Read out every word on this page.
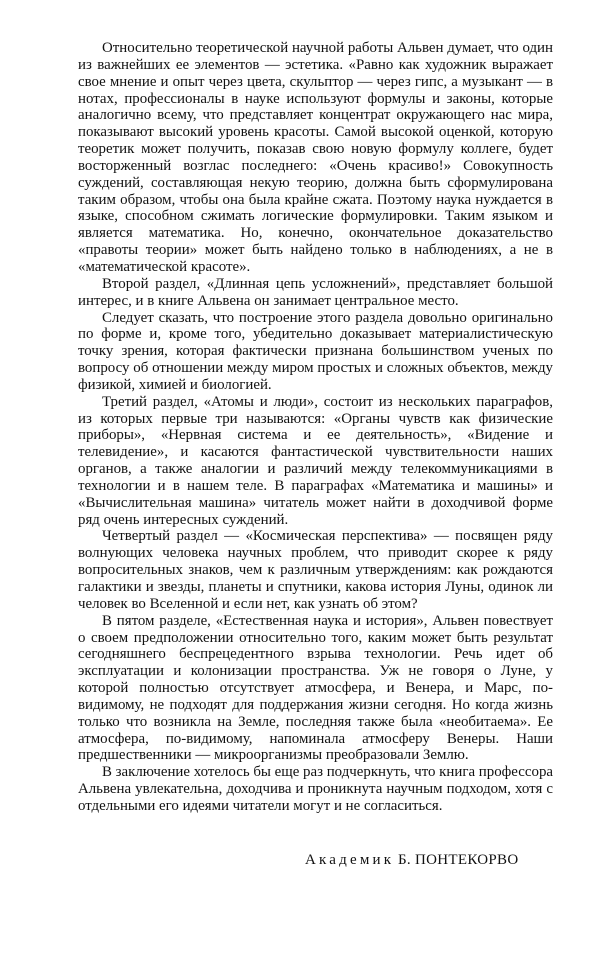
Относительно теоретической научной работы Альвен думает, что один из важнейших ее элементов — эстетика. «Равно как художник выражает свое мнение и опыт через цвета, скульптор — через гипс, а музыкант — в нотах, профессионалы в науке используют формулы и законы, которые аналогично всему, что представляет концентрат окружающего нас мира, показывают высокий уровень красоты. Самой высокой оценкой, которую теоретик может получить, показав свою новую формулу коллеге, будет восторженный возглас последнего: «Очень красиво!» Совокупность суждений, составляющая некую теорию, должна быть сформулирована таким образом, чтобы она была крайне сжата. Поэтому наука нуждается в языке, способном сжимать логические формулировки. Таким языком и является математика. Но, конечно, окончательное доказательство «правоты теории» может быть найдено только в наблюдениях, а не в «математической красоте».

Второй раздел, «Длинная цепь усложнений», представляет большой интерес, и в книге Альвена он занимает центральное место.

Следует сказать, что построение этого раздела довольно оригинально по форме и, кроме того, убедительно доказывает материалистическую точку зрения, которая фактически признана большинством ученых по вопросу об отношении между миром простых и сложных объектов, между физикой, химией и биологией.

Третий раздел, «Атомы и люди», состоит из нескольких параграфов, из которых первые три называются: «Органы чувств как физические приборы», «Нервная система и ее деятельность», «Видение и телевидение», и касаются фантастической чувствительности наших органов, а также аналогии и различий между телекоммуникациями в технологии и в нашем теле. В параграфах «Математика и машины» и «Вычислительная машина» читатель может найти в доходчивой форме ряд очень интересных суждений.

Четвертый раздел — «Космическая перспектива» — посвящен ряду волнующих человека научных проблем, что приводит скорее к ряду вопросительных знаков, чем к различным утверждениям: как рождаются галактики и звезды, планеты и спутники, какова история Луны, одинок ли человек во Вселенной и если нет, как узнать об этом?

В пятом разделе, «Естественная наука и история», Альвен повествует о своем предположении относительно того, каким может быть результат сегодняшнего беспрецедентного взрыва технологии. Речь идет об эксплуатации и колонизации пространства. Уж не говоря о Луне, у которой полностью отсутствует атмосфера, и Венера, и Марс, по-видимому, не подходят для поддержания жизни сегодня. Но когда жизнь только что возникла на Земле, последняя также была «необитаема». Ее атмосфера, по-видимому, напоминала атмосферу Венеры. Наши предшественники — микроорганизмы преобразовали Землю.

В заключение хотелось бы еще раз подчеркнуть, что книга профессора Альвена увлекательна, доходчива и проникнута научным подходом, хотя с отдельными его идеями читатели могут и не согласиться.

Академик Б. ПОНТЕКОРВО
